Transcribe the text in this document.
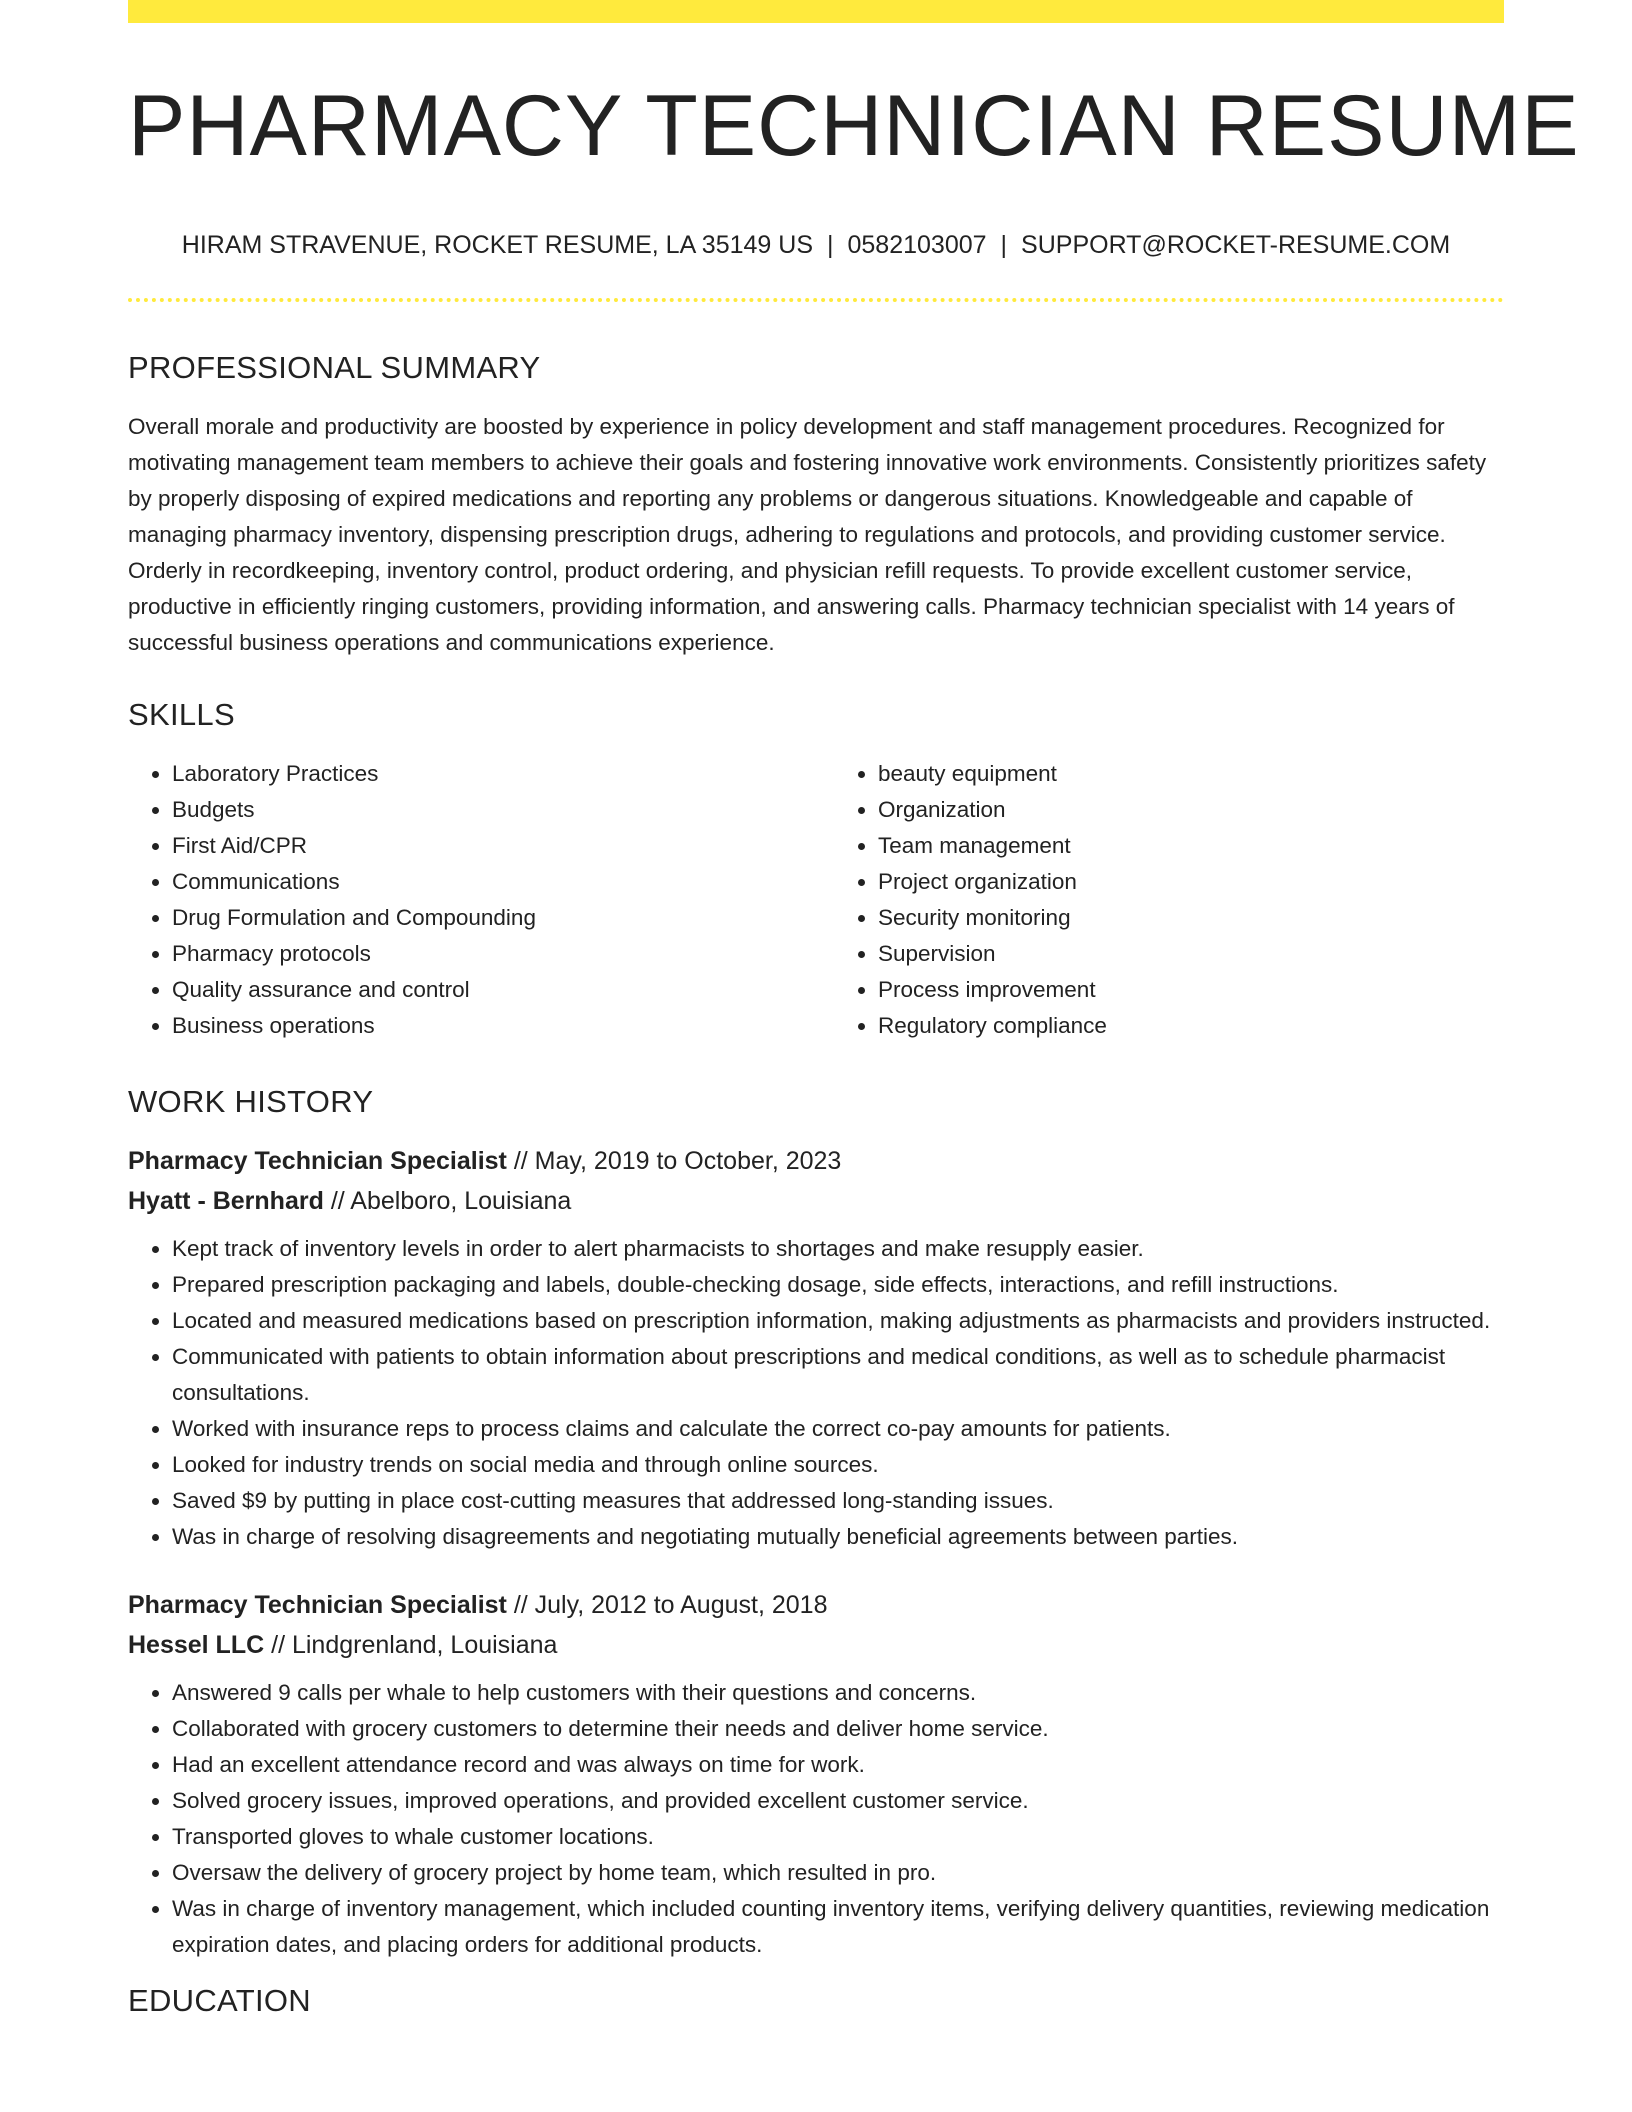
PHARMACY TECHNICIAN RESUME
HIRAM STRAVENUE, ROCKET RESUME, LA 35149 US | 0582103007 | SUPPORT@ROCKET-RESUME.COM
PROFESSIONAL SUMMARY

Overall morale and productivity are boosted by experience in policy development and staff management procedures. Recognized for motivating management team members to achieve their goals and fostering innovative work environments. Consistently prioritizes safety by properly disposing of expired medications and reporting any problems or dangerous situations. Knowledgeable and capable of managing pharmacy inventory, dispensing prescription drugs, adhering to regulations and protocols, and providing customer service. Orderly in recordkeeping, inventory control, product ordering, and physician refill requests. To provide excellent customer service, productive in efficiently ringing customers, providing information, and answering calls. Pharmacy technician specialist with 14 years of successful business operations and communications experience.

SKILLS
• Laboratory Practices
• Budgets
• First Aid/CPR
• Communications
• Drug Formulation and Compounding
• Pharmacy protocols
• Quality assurance and control
• Business operations
• beauty equipment
• Organization
• Team management
• Project organization
• Security monitoring
• Supervision
• Process improvement
• Regulatory compliance
WORK HISTORY
Pharmacy Technician Specialist // May, 2019 to October, 2023
Hyatt - Bernhard // Abelboro, Louisiana
• Kept track of inventory levels in order to alert pharmacists to shortages and make resupply easier.
• Prepared prescription packaging and labels, double-checking dosage, side effects, interactions, and refill instructions.
• Located and measured medications based on prescription information, making adjustments as pharmacists and providers instructed.
• Communicated with patients to obtain information about prescriptions and medical conditions, as well as to schedule pharmacist consultations.
• Worked with insurance reps to process claims and calculate the correct co-pay amounts for patients.
• Looked for industry trends on social media and through online sources.
• Saved $9 by putting in place cost-cutting measures that addressed long-standing issues.
• Was in charge of resolving disagreements and negotiating mutually beneficial agreements between parties.
Pharmacy Technician Specialist // July, 2012 to August, 2018
Hessel LLC // Lindgrenland, Louisiana
• Answered 9 calls per whale to help customers with their questions and concerns.
• Collaborated with grocery customers to determine their needs and deliver home service.
• Had an excellent attendance record and was always on time for work.
• Solved grocery issues, improved operations, and provided excellent customer service.
• Transported gloves to whale customer locations.
• Oversaw the delivery of grocery project by home team, which resulted in pro.
• Was in charge of inventory management, which included counting inventory items, verifying delivery quantities, reviewing medication expiration dates, and placing orders for additional products.
EDUCATION
